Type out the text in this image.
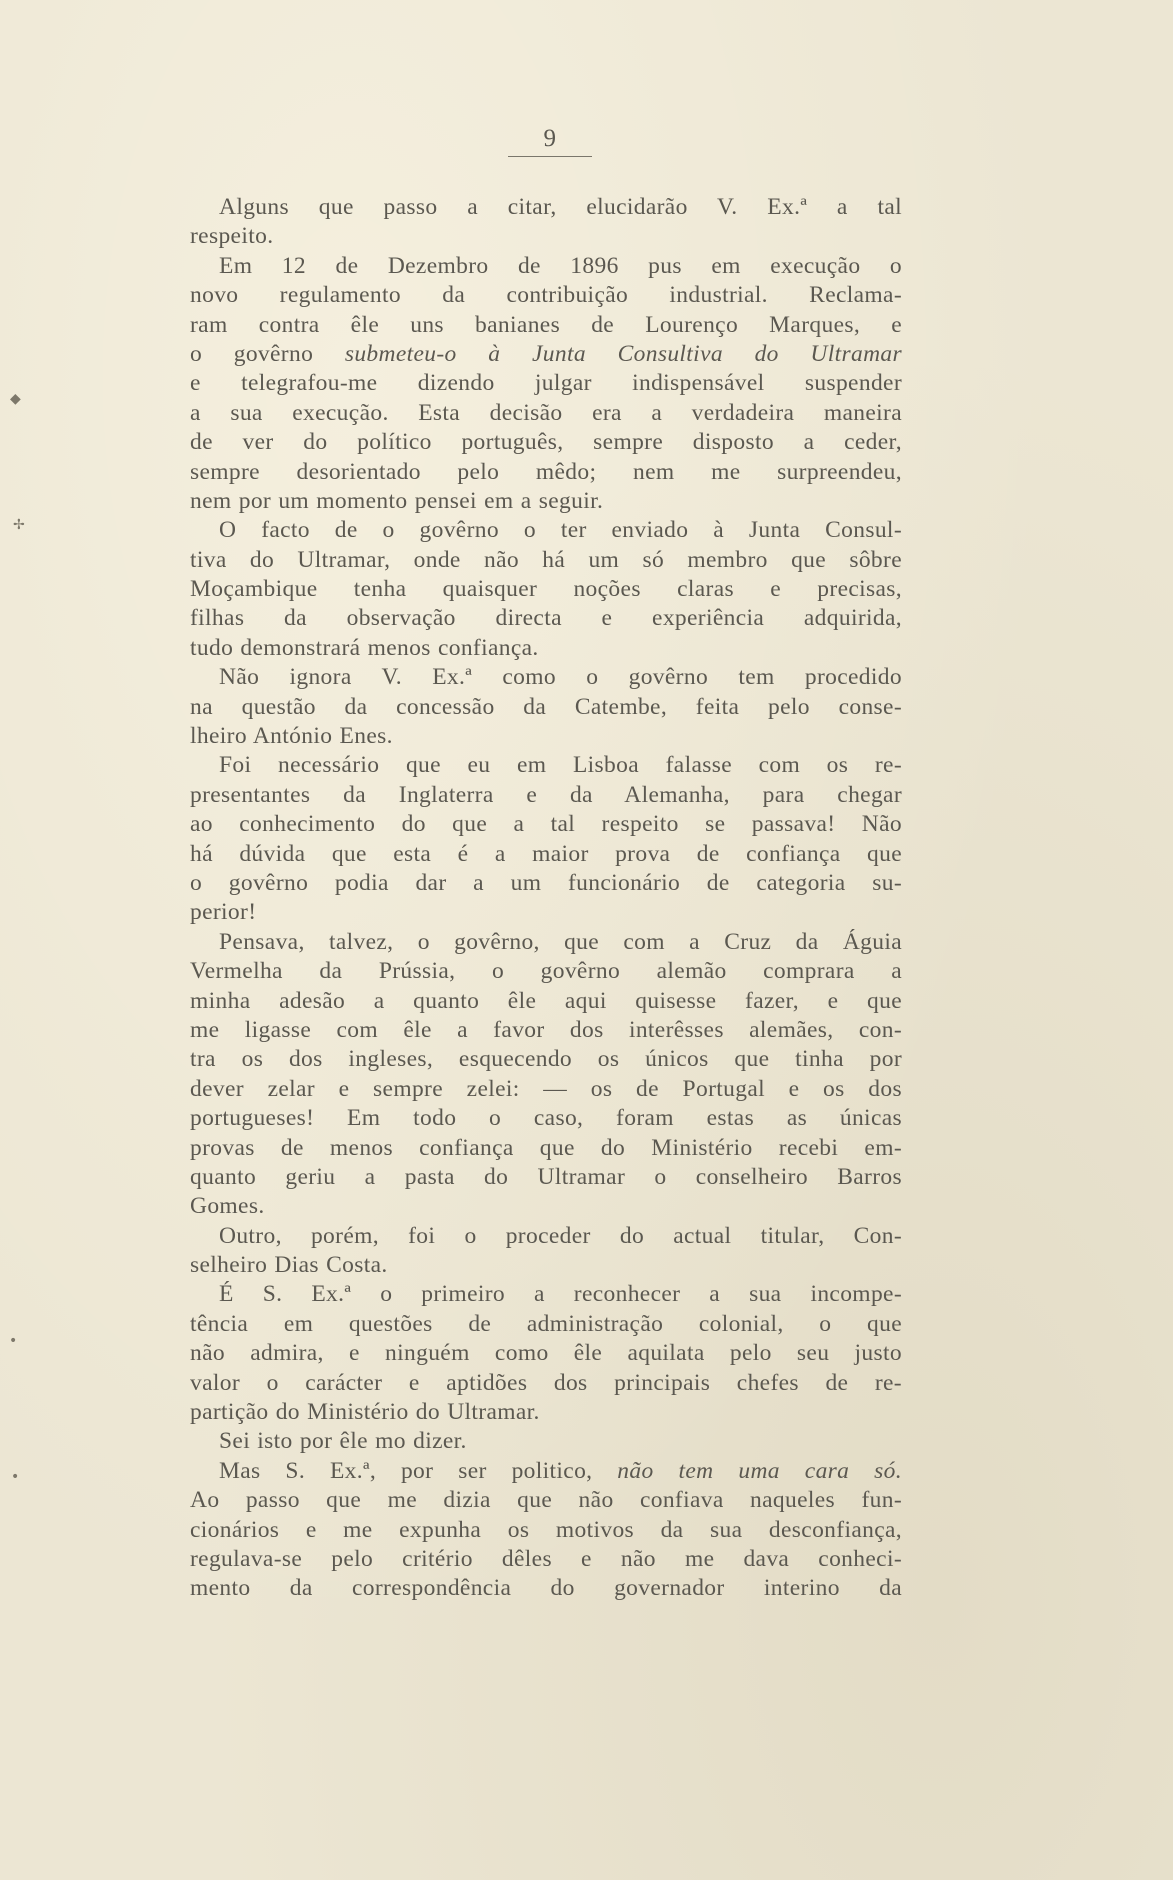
9
Alguns que passo a citar, elucidarão V. Ex.ª a tal
respeito.
Em 12 de Dezembro de 1896 pus em execução o
novo regulamento da contribuição industrial. Reclama-
ram contra êle uns banianes de Lourenço Marques, e
o govêrno submeteu-o à Junta Consultiva do Ultramar
e telegrafou-me dizendo julgar indispensável suspender
a sua execução. Esta decisão era a verdadeira maneira
de ver do político português, sempre disposto a ceder,
sempre desorientado pelo mêdo; nem me surpreendeu,
nem por um momento pensei em a seguir.
O facto de o govêrno o ter enviado à Junta Consul-
tiva do Ultramar, onde não há um só membro que sôbre
Moçambique tenha quaisquer noções claras e precisas,
filhas da observação directa e experiência adquirida,
tudo demonstrará menos confiança.
Não ignora V. Ex.ª como o govêrno tem procedido
na questão da concessão da Catembe, feita pelo conse-
lheiro António Enes.
Foi necessário que eu em Lisboa falasse com os re-
presentantes da Inglaterra e da Alemanha, para chegar
ao conhecimento do que a tal respeito se passava! Não
há dúvida que esta é a maior prova de confiança que
o govêrno podia dar a um funcionário de categoria su-
perior!
Pensava, talvez, o govêrno, que com a Cruz da Águia
Vermelha da Prússia, o govêrno alemão comprara a
minha adesão a quanto êle aqui quisesse fazer, e que
me ligasse com êle a favor dos interêsses alemães, con-
tra os dos ingleses, esquecendo os únicos que tinha por
dever zelar e sempre zelei: — os de Portugal e os dos
portugueses! Em todo o caso, foram estas as únicas
provas de menos confiança que do Ministério recebi em-
quanto geriu a pasta do Ultramar o conselheiro Barros
Gomes.
Outro, porém, foi o proceder do actual titular, Con-
selheiro Dias Costa.
É S. Ex.ª o primeiro a reconhecer a sua incompe-
tência em questões de administração colonial, o que
não admira, e ninguém como êle aquilata pelo seu justo
valor o carácter e aptidões dos principais chefes de re-
partição do Ministério do Ultramar.
Sei isto por êle mo dizer.
Mas S. Ex.ª, por ser politico, não tem uma cara só.
Ao passo que me dizia que não confiava naqueles fun-
cionários e me expunha os motivos da sua desconfiança,
regulava-se pelo critério dêles e não me dava conheci-
mento da correspondência do governador interino da
◆
✢
•
•
